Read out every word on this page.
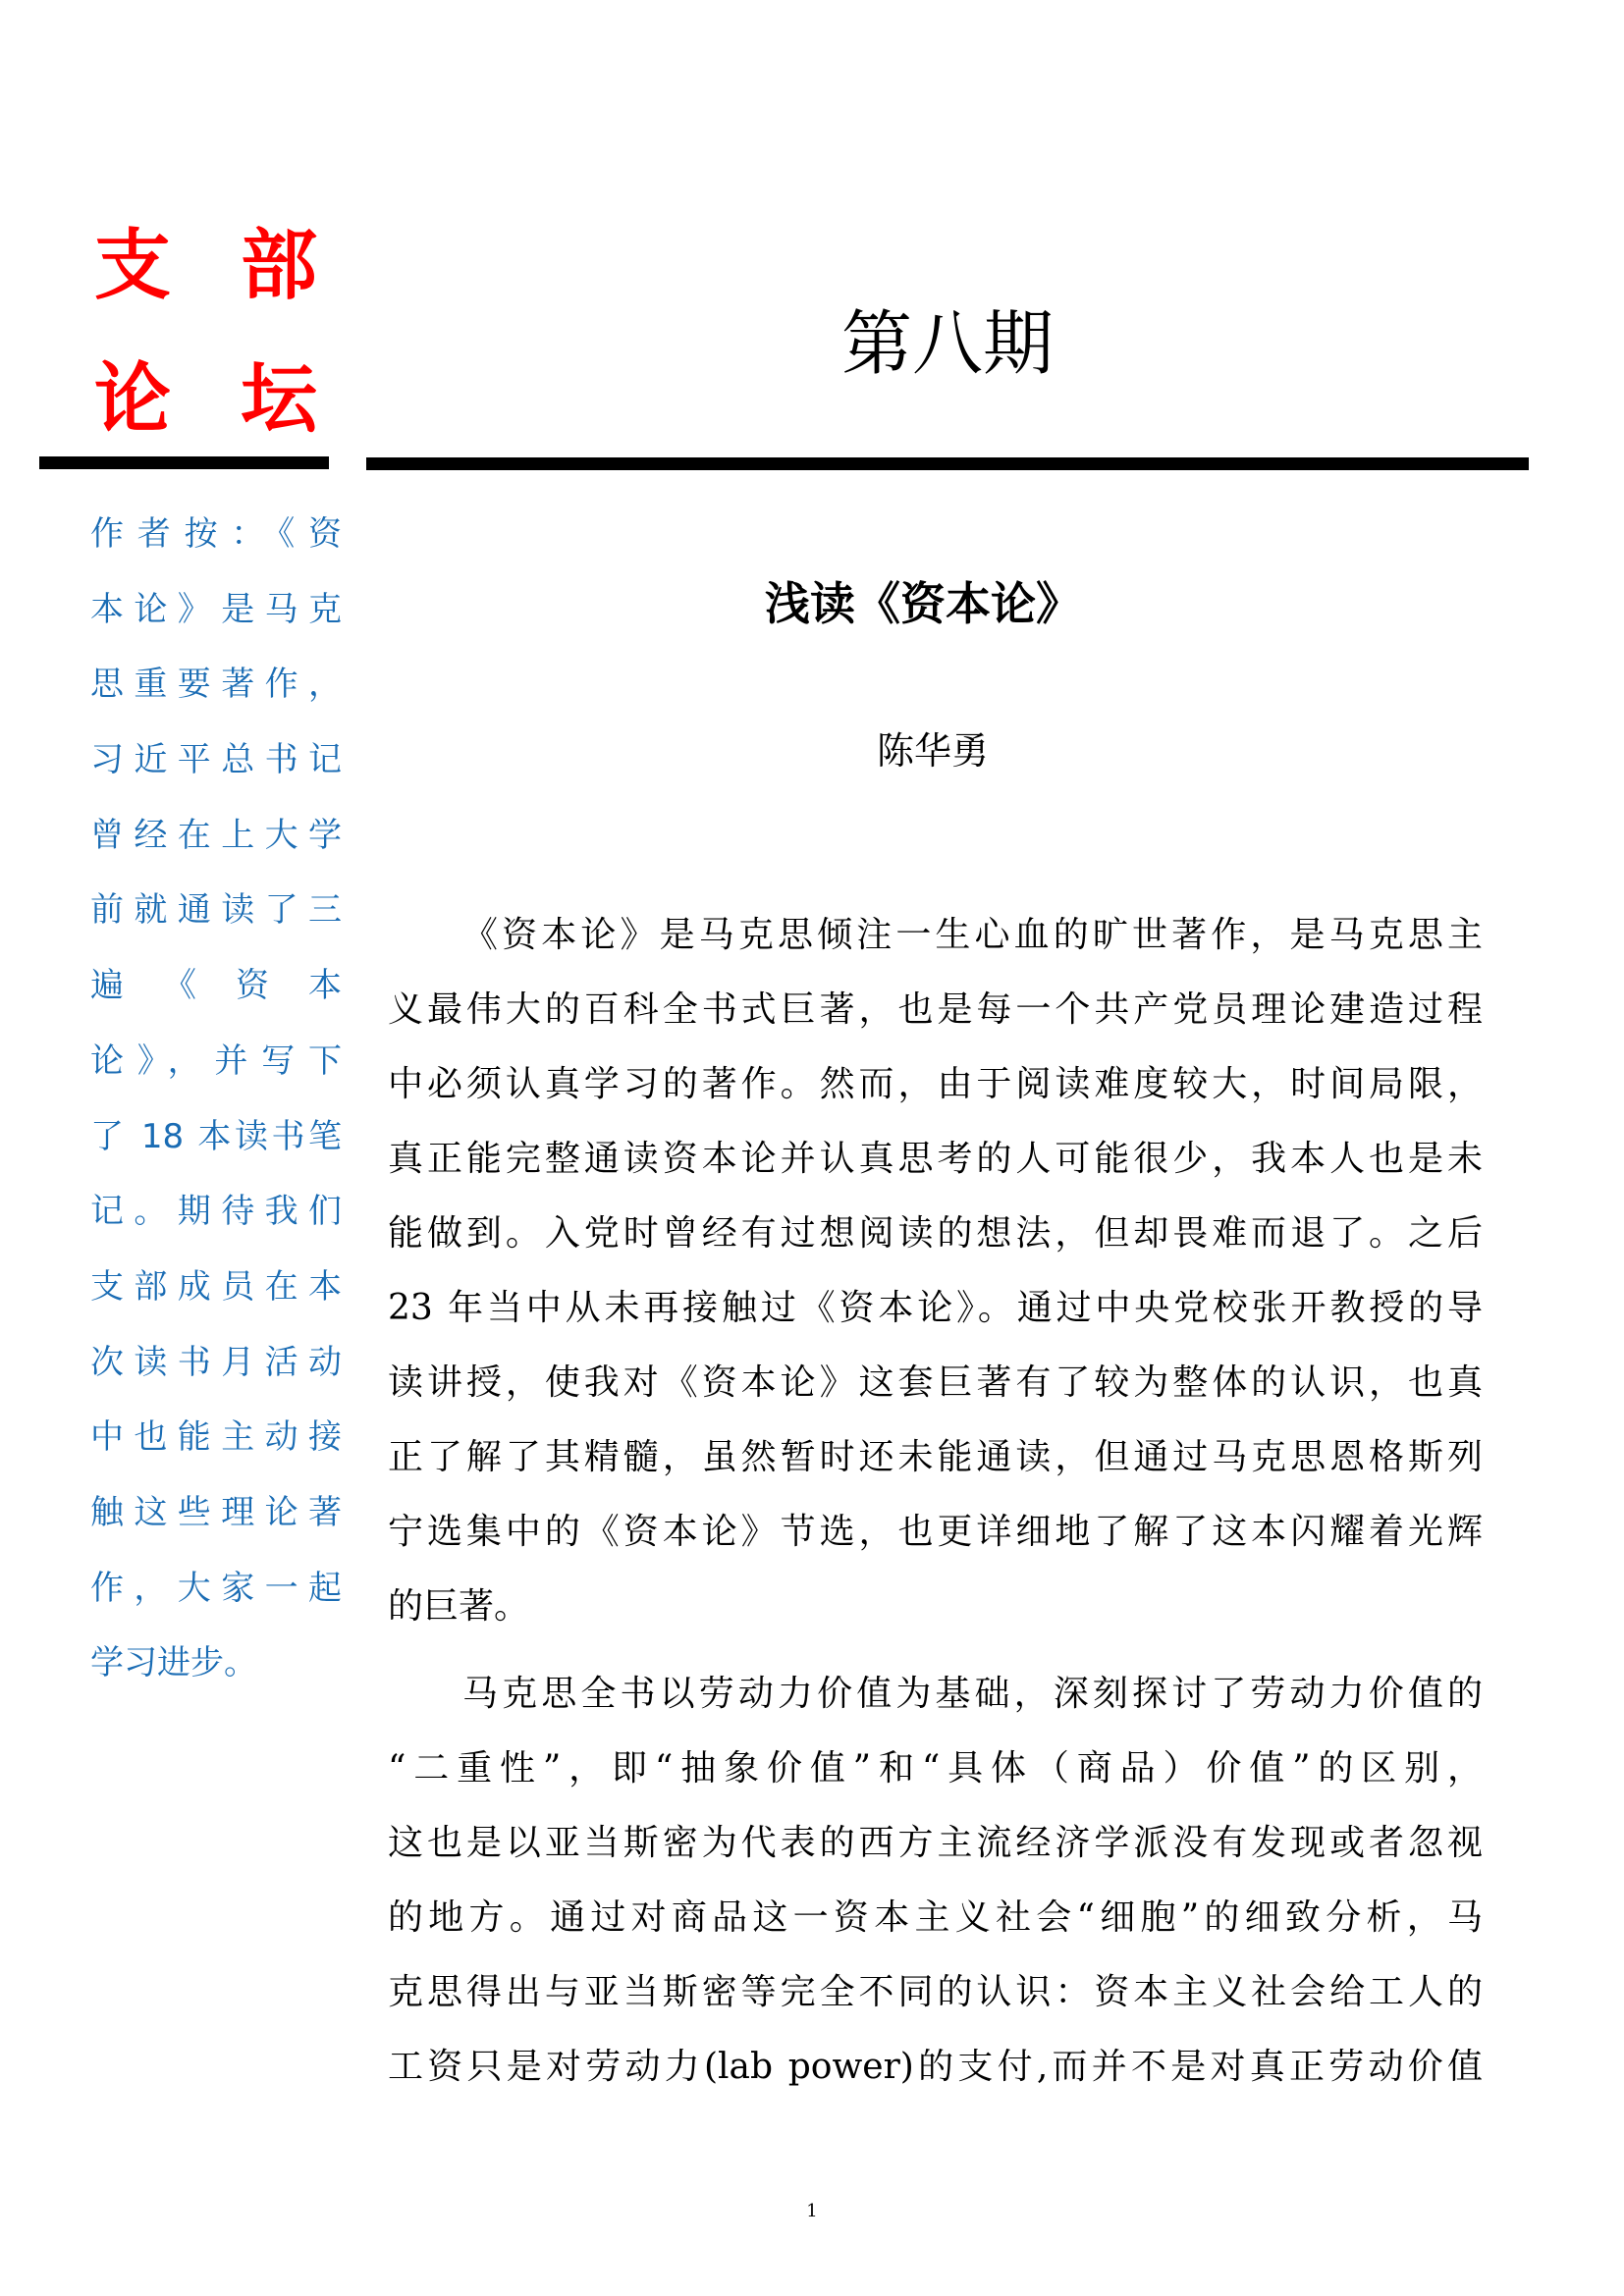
支 部
论 坛
第八期
作者按：《资
本论》是马克
思重要著作，
习近平总书记
曾经在上大学
前就通读了三
遍 《 资 本
论》，并写下
了 18 本读书笔
记。期待我们
支部成员在本
次读书月活动
中也能主动接
触这些理论著
作，大家一起
学习进步。
浅读《资本论》
陈华勇
《资本论》是马克思倾注一生心血的旷世著作，是马克思主
义最伟大的百科全书式巨著，也是每一个共产党员理论建造过程
中必须认真学习的著作。然而，由于阅读难度较大，时间局限，
真正能完整通读资本论并认真思考的人可能很少，我本人也是未
能做到。入党时曾经有过想阅读的想法，但却畏难而退了。之后
23 年当中从未再接触过《资本论》。通过中央党校张开教授的导
读讲授，使我对《资本论》这套巨著有了较为整体的认识，也真
正了解了其精髓，虽然暂时还未能通读，但通过马克思恩格斯列
宁选集中的《资本论》节选，也更详细地了解了这本闪耀着光辉
的巨著。
马克思全书以劳动力价值为基础，深刻探讨了劳动力价值的
“二重性”，即“抽象价值”和“具体（商品）价值”的区别，
这也是以亚当斯密为代表的西方主流经济学派没有发现或者忽视
的地方。通过对商品这一资本主义社会“细胞”的细致分析，马
克思得出与亚当斯密等完全不同的认识：资本主义社会给工人的
工资只是对劳动力(lab power)的支付,而并不是对真正劳动价值
1
